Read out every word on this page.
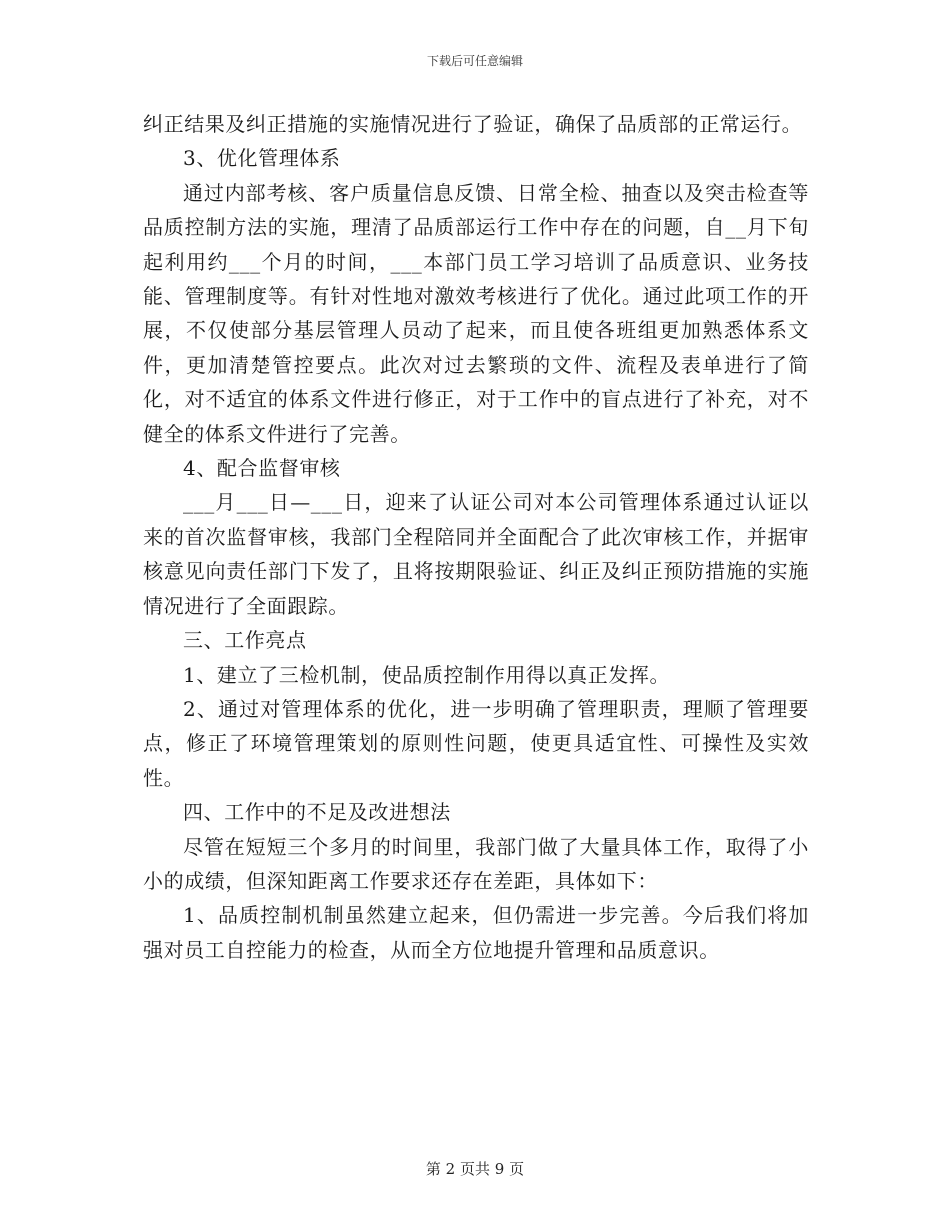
下载后可任意编辑

纠正结果及纠正措施的实施情况进行了验证，确保了品质部的正常运行。

3、优化管理体系

通过内部考核、客户质量信息反馈、日常全检、抽查以及突击检查等品质控制方法的实施，理清了品质部运行工作中存在的问题，自__月下旬起利用约___个月的时间，___本部门员工学习培训了品质意识、业务技能、管理制度等。有针对性地对激效考核进行了优化。通过此项工作的开展，不仅使部分基层管理人员动了起来，而且使各班组更加熟悉体系文件，更加清楚管控要点。此次对过去繁琐的文件、流程及表单进行了简化，对不适宜的体系文件进行修正，对于工作中的盲点进行了补充，对不健全的体系文件进行了完善。

4、配合监督审核

___月___日—___日，迎来了认证公司对本公司管理体系通过认证以来的首次监督审核，我部门全程陪同并全面配合了此次审核工作，并据审核意见向责任部门下发了，且将按期限验证、纠正及纠正预防措施的实施情况进行了全面跟踪。

三、工作亮点

1、建立了三检机制，使品质控制作用得以真正发挥。

2、通过对管理体系的优化，进一步明确了管理职责，理顺了管理要点，修正了环境管理策划的原则性问题，使更具适宜性、可操性及实效性。

四、工作中的不足及改进想法

尽管在短短三个多月的时间里，我部门做了大量具体工作，取得了小小的成绩，但深知距离工作要求还存在差距，具体如下：

1、品质控制机制虽然建立起来，但仍需进一步完善。今后我们将加强对员工自控能力的检查，从而全方位地提升管理和品质意识。

第 2 页共 9 页
